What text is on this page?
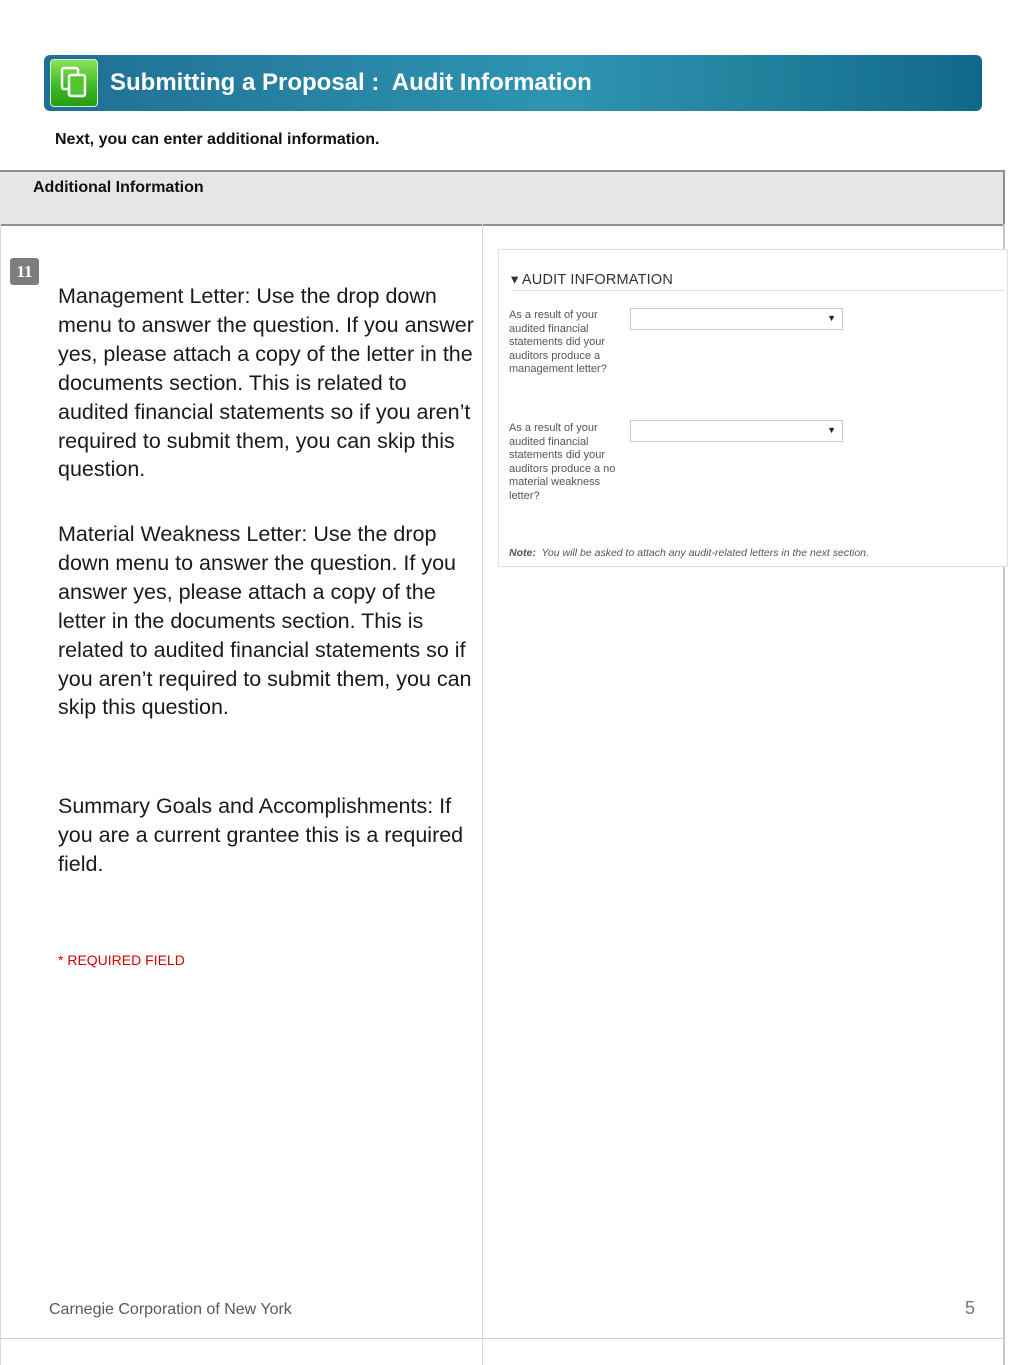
Submitting a Proposal :  Audit Information
Next, you can enter additional information.
Additional Information
11
Management Letter: Use the drop down menu to answer the question. If you answer yes, please attach a copy of the letter in the documents section. This is related to audited financial statements so if you aren’t required to submit them, you can skip this question.
Material Weakness Letter: Use the drop down menu to answer the question. If you answer yes, please attach a copy of the letter in the documents section. This is related to audited financial statements so if you aren’t required to submit them, you can skip this question.
Summary Goals and Accomplishments: If you are a current grantee this is a required field.
* REQUIRED FIELD
▾ AUDIT INFORMATION
As a result of your audited financial statements did your auditors produce a management letter?
▼
As a result of your audited financial statements did your auditors produce a no material weakness letter?
▼
Note: You will be asked to attach any audit-related letters in the next section.
Carnegie Corporation of New York	5
